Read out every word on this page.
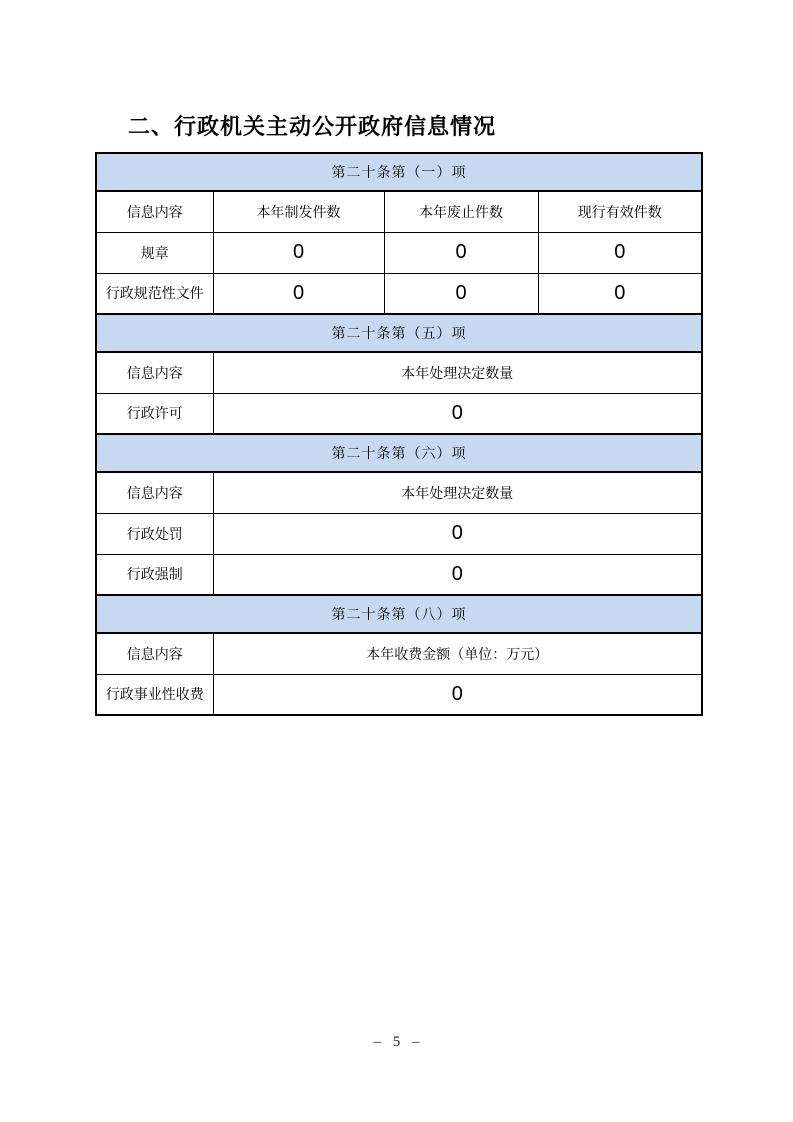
二、行政机关主动公开政府信息情况
第二十条第（一）项			
信息内容	本年制发件数	本年废止件数	现行有效件数
规章	0	0	0
行政规范性文件	0	0	0
第二十条第（五）项			
信息内容	本年处理决定数量		
行政许可	0		
第二十条第（六）项			
信息内容	本年处理决定数量		
行政处罚	0		
行政强制	0		
第二十条第（八）项			
信息内容	本年收费金额（单位：万元）		
行政事业性收费	0		
– 5 –
